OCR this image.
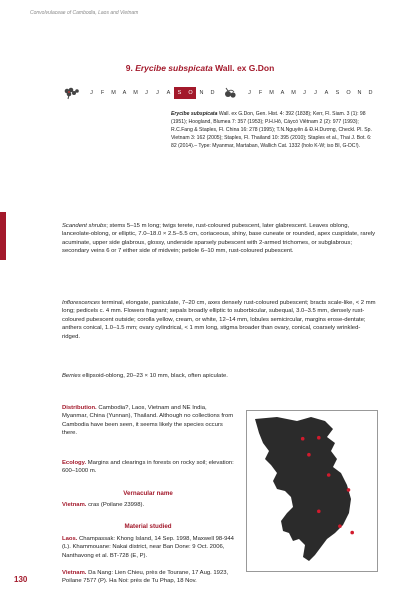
Convolvulaceae of Cambodia, Laos and Vietnam
9. Erycibe subspicata Wall. ex G.Don
J	F	M	A	M	J	J	A	S	O	N	D	J	F	M	A	M	J	J	A	S	O	N	D
Erycibe subspicata Wall. ex G.Don, Gen. Hist. 4: 392 (1838); Kerr, Fl. Siam. 3 (1): 98 (1951); Hoogland, Blumea 7: 357 (1953); P.H.Hô, Cáycó Viêtnam 2 (2): 977 (1993); R.C.Fang & Staples, Fl. China 16: 278 (1995); T.N.Nguyên & Đ.H.Dương, Checkl. Pl. Sp. Vietnam 3: 162 (2005); Staples, Fl. Thailand 10: 395 (2010); Staples et al., Thai J. Bot. 6: 82 (2014).– Type: Myanmar, Martaban, Wallich Cat. 1332 (holo K-W; iso BI, G-DC!).
Scandent shrubs; stems 5–15 m long; twigs terete, rust-coloured pubescent, later glabrescent. Leaves oblong, lanceolate-oblong, or elliptic, 7.0–18.0 × 2.5–5.5 cm, coriaceous, shiny, base cuneate or rounded, apex cuspidate, rarely acuminate, upper side glabrous, glossy, underside sparsely pubescent with 2-armed trichomes, or subglabrous; secondary veins 6 or 7 either side of midvein; petiole 6–10 mm, rust-coloured pubescent.
Inflorescences terminal, elongate, paniculate, 7–20 cm, axes densely rust-coloured pubescent; bracts scale-like, < 2 mm long; pedicels c. 4 mm. Flowers fragrant; sepals broadly elliptic to suborbicular, subequal, 3.0–3.5 mm, densely rust-coloured pubescent outside; corolla yellow, cream, or white, 12–14 mm, lobules semicircular, margins erose-dentate; anthers conical, 1.0–1.5 mm; ovary cylindrical, < 1 mm long, stigma broader than ovary, conical, coarsely wrinkled-ridged.
Berries ellipsoid-oblong, 20–23 × 10 mm, black, often apiculate.
Distribution. Cambodia?, Laos, Vietnam and NE India, Myanmar, China (Yunnan), Thailand. Although no collections from Cambodia have been seen, it seems likely the species occurs there.
Ecology. Margins and clearings in forests on rocky soil; elevation: 600–1000 m.
Vernacular name
Vietnam. cras (Poilane 23998).
Material studied
Laos. Champassak: Khong Island, 14 Sep. 1998, Maxwell 98-944 (L). Khammouane: Nakai district, near Ban Done: 9 Oct. 2006, Nanthavong et al. BT-728 (E, P).
Vietnam. Da Nang: Lien Chieu, près de Tourane, 17 Aug. 1923, Poilane 7577 (P). Ha Noi: près de Tu Phap, 18 Nov.
130
